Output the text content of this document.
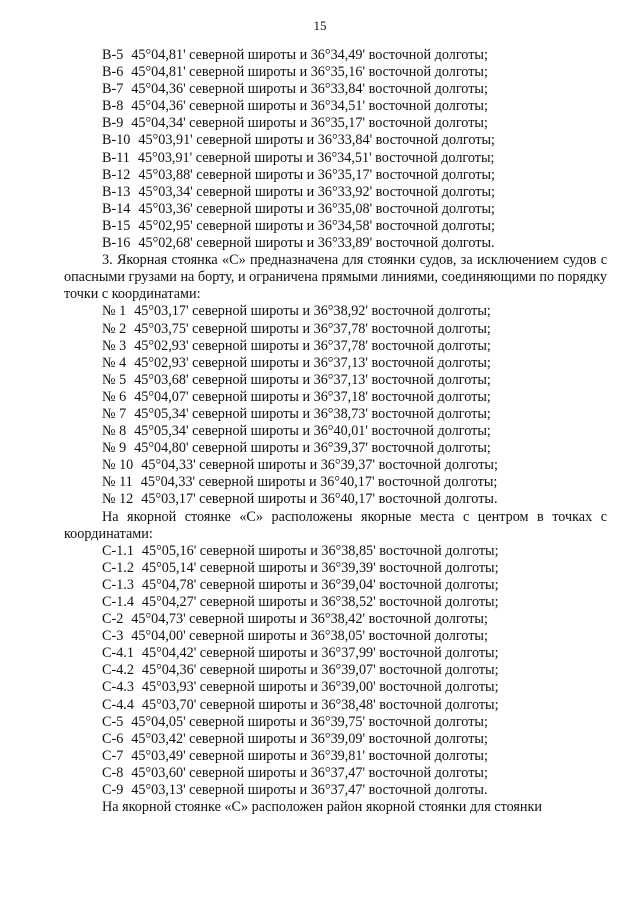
15
В-5 45°04,81' северной широты и 36°34,49' восточной долготы;
В-6 45°04,81' северной широты и 36°35,16' восточной долготы;
В-7 45°04,36' северной широты и 36°33,84' восточной долготы;
В-8 45°04,36' северной широты и 36°34,51' восточной долготы;
В-9 45°04,34' северной широты и 36°35,17' восточной долготы;
В-10 45°03,91' северной широты и 36°33,84' восточной долготы;
В-11 45°03,91' северной широты и 36°34,51' восточной долготы;
В-12 45°03,88' северной широты и 36°35,17' восточной долготы;
В-13 45°03,34' северной широты и 36°33,92' восточной долготы;
В-14 45°03,36' северной широты и 36°35,08' восточной долготы;
В-15 45°02,95' северной широты и 36°34,58' восточной долготы;
В-16 45°02,68' северной широты и 36°33,89' восточной долготы.

3. Якорная стоянка «С» предназначена для стоянки судов, за исключением судов с опасными грузами на борту, и ограничена прямыми линиями, соединяющими по порядку точки с координатами:

№ 1 45°03,17' северной широты и 36°38,92' восточной долготы;
№ 2 45°03,75' северной широты и 36°37,78' восточной долготы;
№ 3 45°02,93' северной широты и 36°37,78' восточной долготы;
№ 4 45°02,93' северной широты и 36°37,13' восточной долготы;
№ 5 45°03,68' северной широты и 36°37,13' восточной долготы;
№ 6 45°04,07' северной широты и 36°37,18' восточной долготы;
№ 7 45°05,34' северной широты и 36°38,73' восточной долготы;
№ 8 45°05,34' северной широты и 36°40,01' восточной долготы;
№ 9 45°04,80' северной широты и 36°39,37' восточной долготы;
№ 10 45°04,33' северной широты и 36°39,37' восточной долготы;
№ 11 45°04,33' северной широты и 36°40,17' восточной долготы;
№ 12 45°03,17' северной широты и 36°40,17' восточной долготы.

На якорной стоянке «С» расположены якорные места с центром в точках с координатами:

С-1.1 45°05,16' северной широты и 36°38,85' восточной долготы;
С-1.2 45°05,14' северной широты и 36°39,39' восточной долготы;
С-1.3 45°04,78' северной широты и 36°39,04' восточной долготы;
С-1.4 45°04,27' северной широты и 36°38,52' восточной долготы;
С-2 45°04,73' северной широты и 36°38,42' восточной долготы;
С-3 45°04,00' северной широты и 36°38,05' восточной долготы;
С-4.1 45°04,42' северной широты и 36°37,99' восточной долготы;
С-4.2 45°04,36' северной широты и 36°39,07' восточной долготы;
С-4.3 45°03,93' северной широты и 36°39,00' восточной долготы;
С-4.4 45°03,70' северной широты и 36°38,48' восточной долготы;
С-5 45°04,05' северной широты и 36°39,75' восточной долготы;
С-6 45°03,42' северной широты и 36°39,09' восточной долготы;
С-7 45°03,49' северной широты и 36°39,81' восточной долготы;
С-8 45°03,60' северной широты и 36°37,47' восточной долготы;
С-9 45°03,13' северной широты и 36°37,47' восточной долготы.

На якорной стоянке «С» расположен район якорной стоянки для стоянки
